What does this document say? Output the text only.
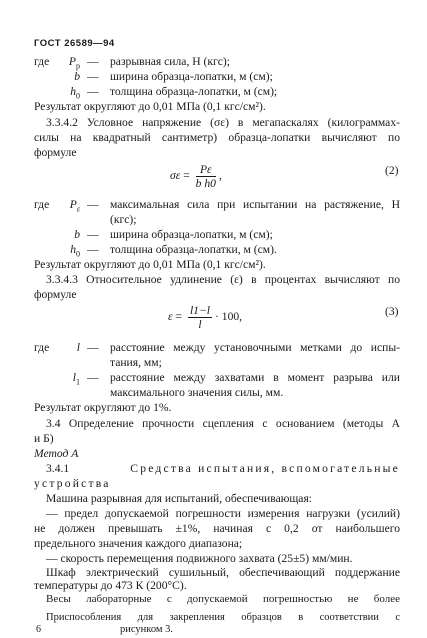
ГОСТ 26589—94
где	$P_р$ — разрывная сила, Н (кгс);
b — ширина образца-лопатки, м (см);
$h_0$ — толщина образца-лопатки, м (см);
Результат округляют до 0,01 МПа (0,1 кгс/см²).
3.3.4.2 Условное напряжение (σε) в мегапаскалях (килограммах-
силы на квадратный сантиметр) образца-лопатки вычисляют по
формуле
$\sigma\varepsilon = \frac{P\varepsilon}{\text{b h0}}$ ,	(2)
где	$P_\varepsilon$ — максимальная сила при испытании на растяжение, Н
(кгс);
b — ширина образца-лопатки, м (см);
$h_0$ — толщина образца-лопатки, м (см).
Результат округляют до 0,01 МПа (0,1 кгс/см²).
3.3.4.3 Относительное удлинение (ε) в процентах вычисляют по
формуле
$\varepsilon = \frac{l1-l}{l} \cdot 100$,	(3)
где	l — расстояние между установочными метками до испы-
тания, мм;
$l_1$ — расстояние между захватами в момент разрыва или
максимального значения силы, мм.
Результат округляют до 1%.
3.4 Определение прочности сцепления с основанием (методы А
и Б)
Метод А
3.4.1	Средства испытания, вспомогательные
устройства
Машина разрывная для испытаний, обеспечивающая:
— предел допускаемой погрешности измерения нагрузки (усилий)
не должен превышать ±1%, начиная с 0,2 от наибольшего
предельного значения каждого диапазона;
— скорость перемещения подвижного захвата (25±5) мм/мин.
Шкаф электрический сушильный, обеспечивающий поддержание
температуры до 473 К (200°С).
Весы лабораторные с допускаемой погрешностью не более
Приспособления для закрепления образцов в соответствии с
рисунком 3.
6
